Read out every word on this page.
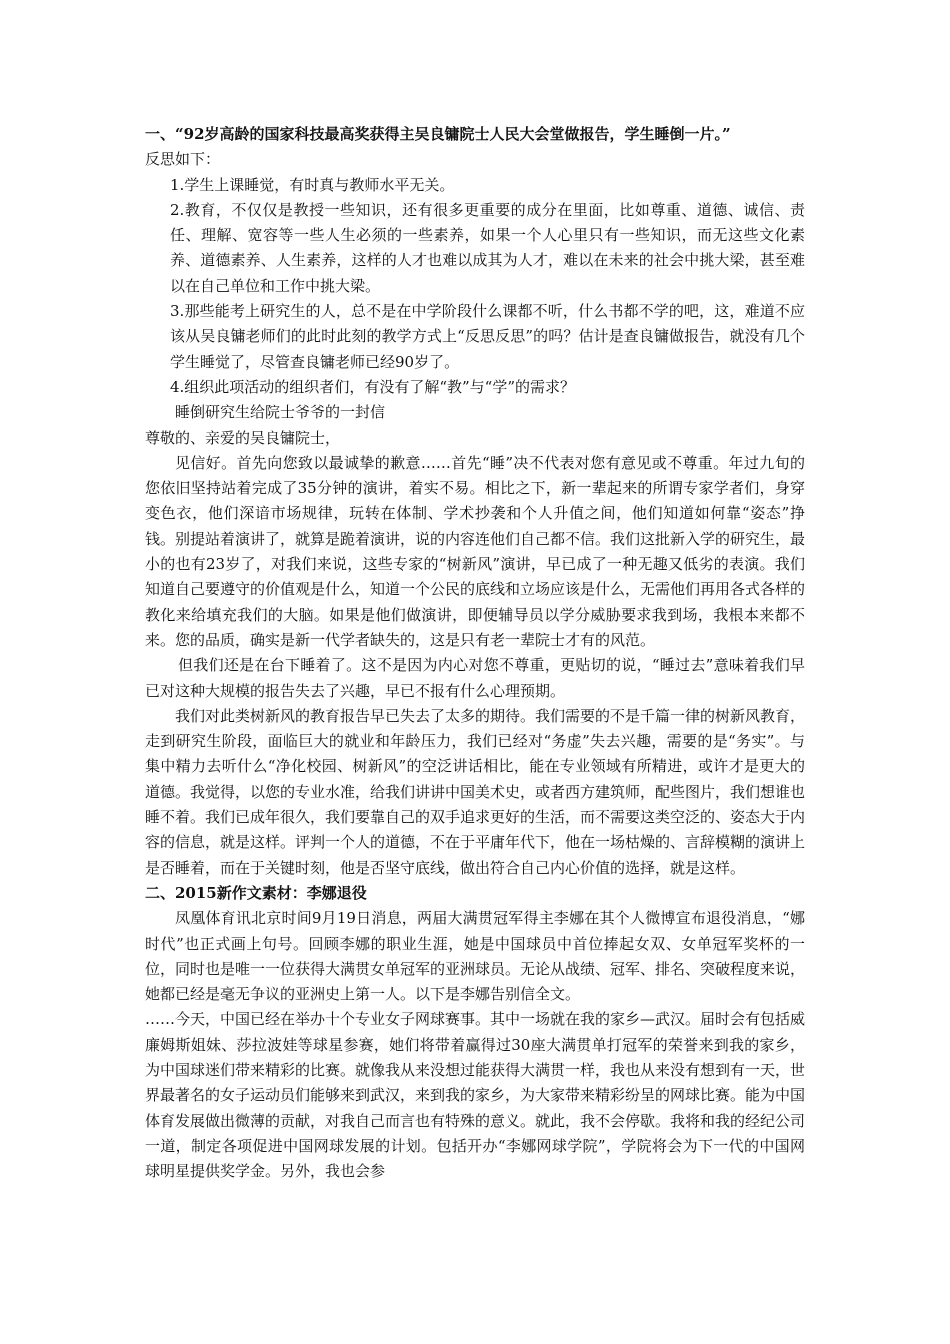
一、“92岁高龄的国家科技最高奖获得主吴良镛院士人民大会堂做报告，学生睡倒一片。”

反思如下：

1.学生上课睡觉，有时真与教师水平无关。

2.教育，不仅仅是教授一些知识，还有很多更重要的成分在里面，比如尊重、道德、诚信、责任、理解、宽容等一些人生必须的一些素养，如果一个人心里只有一些知识，而无这些文化素养、道德素养、人生素养，这样的人才也难以成其为人才，难以在未来的社会中挑大梁，甚至难以在自己单位和工作中挑大梁。

3.那些能考上研究生的人，总不是在中学阶段什么课都不听，什么书都不学的吧，这，难道不应该从吴良镛老师们的此时此刻的教学方式上“反思反思”的吗？估计是查良镛做报告，就没有几个学生睡觉了，尽管查良镛老师已经90岁了。

4.组织此项活动的组织者们，有没有了解“教”与“学”的需求？

睡倒研究生给院士爷爷的一封信

尊敬的、亲爱的吴良镛院士，

见信好。首先向您致以最诚挚的歉意……首先“睡”决不代表对您有意见或不尊重。年过九旬的您依旧坚持站着完成了35分钟的演讲，着实不易。相比之下，新一辈起来的所谓专家学者们，身穿变色衣，他们深谙市场规律，玩转在体制、学术抄袭和个人升值之间，他们知道如何靠“姿态”挣钱。别提站着演讲了，就算是跪着演讲，说的内容连他们自己都不信。我们这批新入学的研究生，最小的也有23岁了，对我们来说，这些专家的“树新风”演讲，早已成了一种无趣又低劣的表演。我们知道自己要遵守的价值观是什么，知道一个公民的底线和立场应该是什么，无需他们再用各式各样的教化来给填充我们的大脑。如果是他们做演讲，即便辅导员以学分威胁要求我到场，我根本来都不来。您的品质，确实是新一代学者缺失的，这是只有老一辈院士才有的风范。

但我们还是在台下睡着了。这不是因为内心对您不尊重，更贴切的说，“睡过去”意味着我们早已对这种大规模的报告失去了兴趣，早已不报有什么心理预期。

我们对此类树新风的教育报告早已失去了太多的期待。我们需要的不是千篇一律的树新风教育，走到研究生阶段，面临巨大的就业和年龄压力，我们已经对“务虚”失去兴趣，需要的是“务实”。与集中精力去听什么“净化校园、树新风”的空泛讲话相比，能在专业领域有所精进，或许才是更大的道德。我觉得，以您的专业水准，给我们讲讲中国美术史，或者西方建筑师，配些图片，我们想谁也睡不着。我们已成年很久，我们要靠自己的双手追求更好的生活，而不需要这类空泛的、姿态大于内容的信息，就是这样。评判一个人的道德，不在于平庸年代下，他在一场枯燥的、言辞模糊的演讲上是否睡着，而在于关键时刻，他是否坚守底线，做出符合自己内心价值的选择，就是这样。

二、2015新作文素材：李娜退役

凤凰体育讯北京时间9月19日消息，两届大满贯冠军得主李娜在其个人微博宣布退役消息，“娜时代”也正式画上句号。回顾李娜的职业生涯，她是中国球员中首位捧起女双、女单冠军奖杯的一位，同时也是唯一一位获得大满贯女单冠军的亚洲球员。无论从战绩、冠军、排名、突破程度来说，她都已经是毫无争议的亚洲史上第一人。以下是李娜告别信全文。

……今天，中国已经在举办十个专业女子网球赛事。其中一场就在我的家乡—武汉。届时会有包括威廉姆斯姐妹、莎拉波娃等球星参赛，她们将带着赢得过30座大满贯单打冠军的荣誉来到我的家乡，为中国球迷们带来精彩的比赛。就像我从来没想过能获得大满贯一样，我也从来没有想到有一天，世界最著名的女子运动员们能够来到武汉，来到我的家乡，为大家带来精彩纷呈的网球比赛。能为中国体育发展做出微薄的贡献，对我自己而言也有特殊的意义。就此，我不会停歇。我将和我的经纪公司一道，制定各项促进中国网球发展的计划。包括开办“李娜网球学院”，学院将会为下一代的中国网球明星提供奖学金。另外，我也会参
